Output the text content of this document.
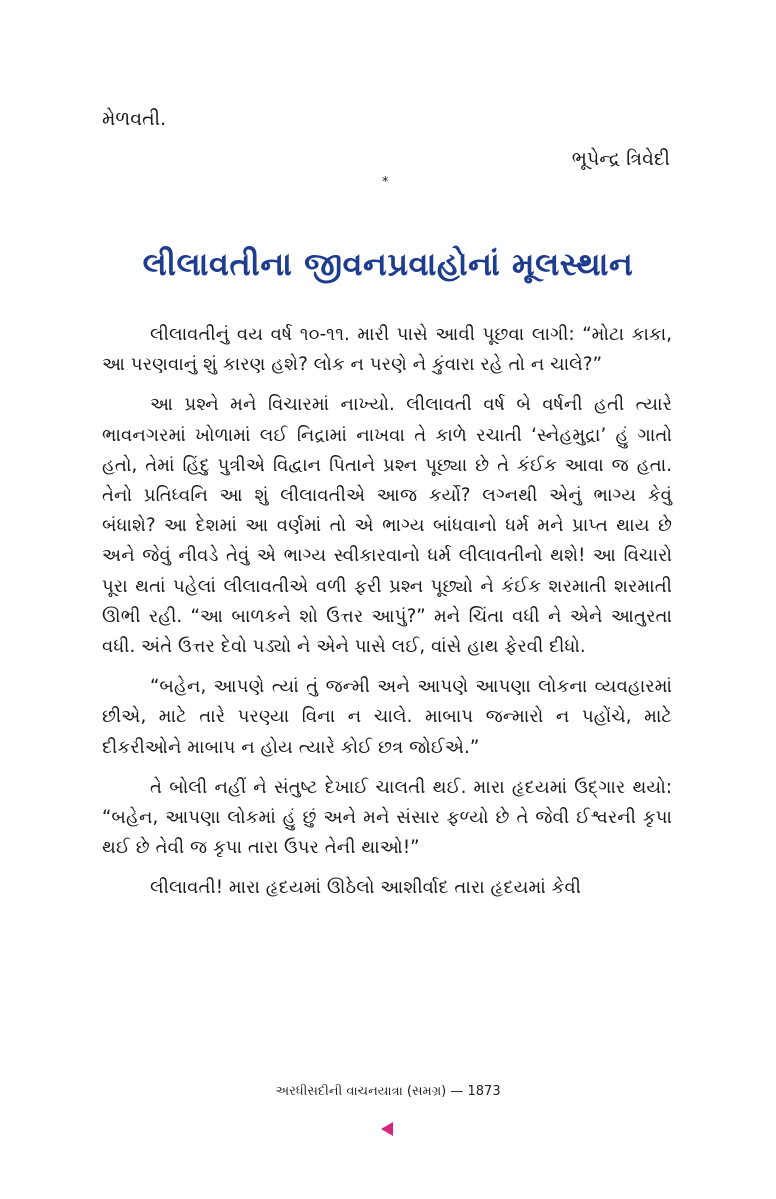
મેળવતી.

ભૂપેન્દ્ર ત્રિવેદી

*

લીલાવતીના જીવનપ્રવાહોનાં મૂલસ્થાન

લીલાવતીનું વય વર્ષ ૧૦-૧૧. મારી પાસે આવી પૂછવા લાગી: “મોટા કાકા, આ પરણવાનું શું કારણ હશે? લોક ન પરણે ને કુંવારા રહે તો ન ચાલે?”

આ પ્રશ્ને મને વિચારમાં નાખ્યો. લીલાવતી વર્ષ બે વર્ષની હતી ત્યારે ભાવનગરમાં ખોળામાં લઈ નિદ્રામાં નાખવા તે કાળે રચાતી ‘સ્નેહમુદ્રા’ હું ગાતો હતો, તેમાં હિંદુ પુત્રીએ વિદ્વાન પિતાને પ્રશ્ન પૂછ્યા છે તે કંઈક આવા જ હતા. તેનો પ્રતિધ્વનિ આ શું લીલાવતીએ આજ કર્યો? લગ્નથી એનું ભાગ્ય કેવું બંધાશે? આ દેશમાં આ વર્ણમાં તો એ ભાગ્ય બાંધવાનો ધર્મ મને પ્રાપ્ત થાય છે અને જેવું નીવડે તેવું એ ભાગ્ય સ્વીકારવાનો ધર્મ લીલાવતીનો થશે! આ વિચારો પૂરા થતાં પહેલાં લીલાવતીએ વળી ફરી પ્રશ્ન પૂછ્યો ને કંઈક શરમાતી શરમાતી ઊભી રહી. “આ બાળકને શો ઉત્તર આપું?” મને ચિંતા વધી ને એને આતુરતા વધી. અંતે ઉત્તર દેવો પડ્યો ને એને પાસે લઈ, વાંસે હાથ ફેરવી દીધો.

“બહેન, આપણે ત્યાં તું જન્મી અને આપણે આપણા લોકના વ્યવહારમાં છીએ, માટે તારે પરણ્યા વિના ન ચાલે. માબાપ જન્મારો ન પહોંચે, માટે દીકરીઓને માબાપ ન હોય ત્યારે કોઈ છત્ર જોઈએ.”

તે બોલી નહીં ને સંતુષ્ટ દેખાઈ ચાલતી થઈ. મારા હૃદયમાં ઉદ્ગાર થયો: “બહેન, આપણા લોકમાં હું છું અને મને સંસાર ફળ્યો છે તે જેવી ઈશ્વરની કૃપા થઈ છે તેવી જ કૃપા તારા ઉપર તેની થાઓ!”

લીલાવતી! મારા હૃદયમાં ઊઠેલો આશીર્વાદ તારા હૃદયમાં કેવી

અરધીસદીની વાચનયાત્રા (સમગ્ર) — 1873
